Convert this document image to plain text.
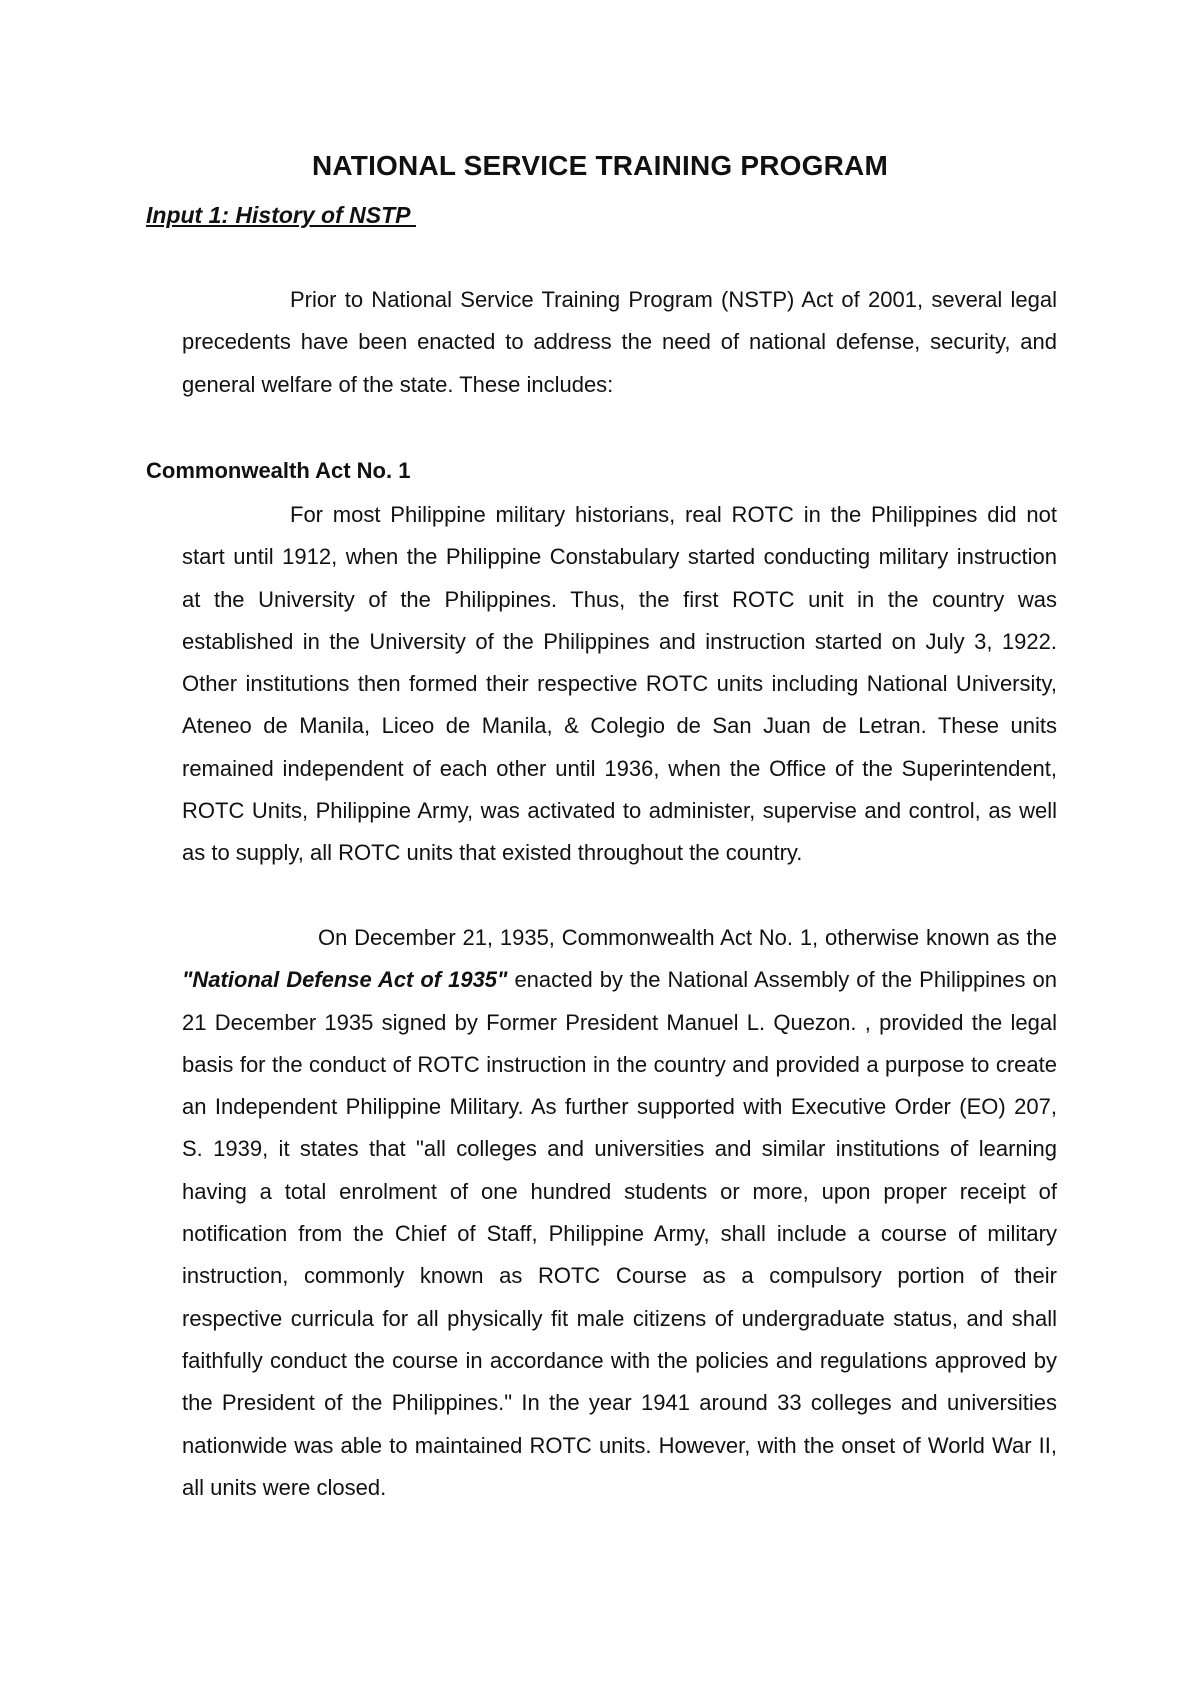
NATIONAL SERVICE TRAINING PROGRAM
Input 1: History of NSTP

Prior to National Service Training Program (NSTP) Act of 2001, several legal precedents have been enacted to address the need of national defense, security, and general welfare of the state. These includes:

Commonwealth Act No. 1

For most Philippine military historians, real ROTC in the Philippines did not start until 1912, when the Philippine Constabulary started conducting military instruction at the University of the Philippines. Thus, the first ROTC unit in the country was established in the University of the Philippines and instruction started on July 3, 1922. Other institutions then formed their respective ROTC units including National University, Ateneo de Manila, Liceo de Manila, & Colegio de San Juan de Letran. These units remained independent of each other until 1936, when the Office of the Superintendent, ROTC Units, Philippine Army, was activated to administer, supervise and control, as well as to supply, all ROTC units that existed throughout the country.

On December 21, 1935, Commonwealth Act No. 1, otherwise known as the "National Defense Act of 1935" enacted by the National Assembly of the Philippines on 21 December 1935 signed by Former President Manuel L. Quezon. , provided the legal basis for the conduct of ROTC instruction in the country and provided a purpose to create an Independent Philippine Military. As further supported with Executive Order (EO) 207, S. 1939, it states that "all colleges and universities and similar institutions of learning having a total enrolment of one hundred students or more, upon proper receipt of notification from the Chief of Staff, Philippine Army, shall include a course of military instruction, commonly known as ROTC Course as a compulsory portion of their respective curricula for all physically fit male citizens of undergraduate status, and shall faithfully conduct the course in accordance with the policies and regulations approved by the President of the Philippines." In the year 1941 around 33 colleges and universities nationwide was able to maintained ROTC units. However, with the onset of World War II, all units were closed.
